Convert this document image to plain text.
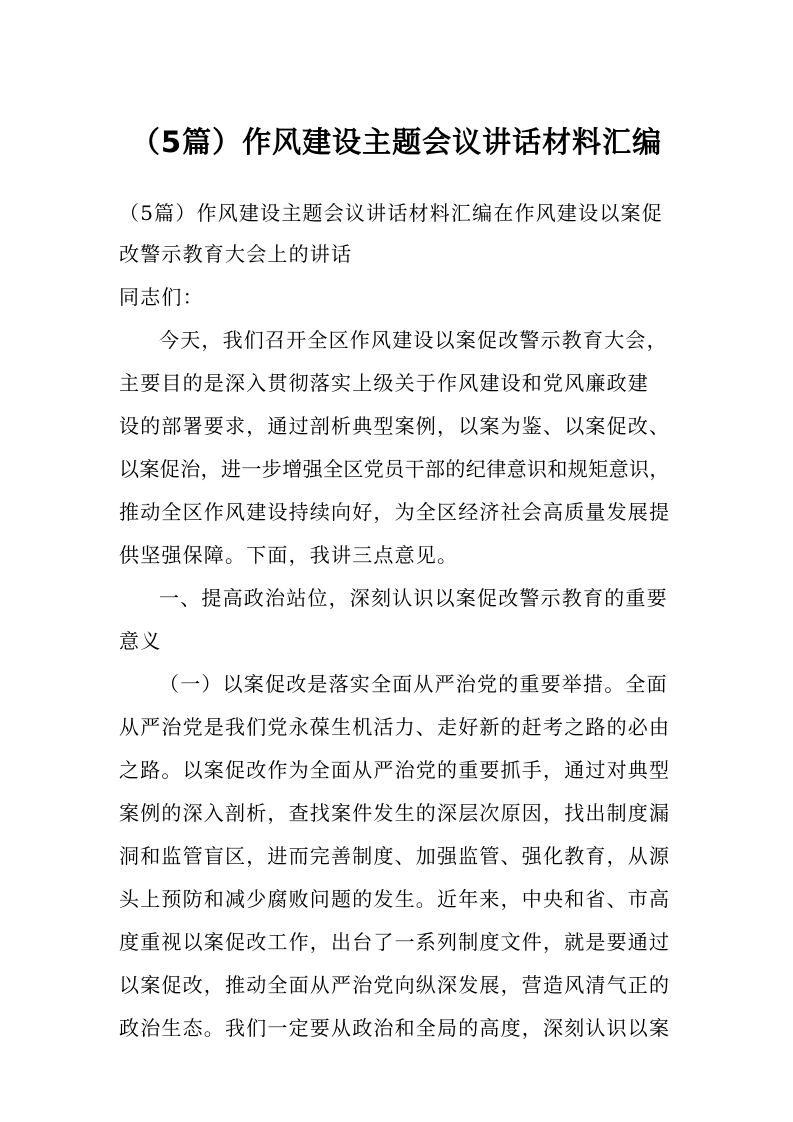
（5篇）作风建设主题会议讲话材料汇编
（5篇）作风建设主题会议讲话材料汇编在作风建设以案促
改警示教育大会上的讲话
同志们：
今天，我们召开全区作风建设以案促改警示教育大会，
主要目的是深入贯彻落实上级关于作风建设和党风廉政建
设的部署要求，通过剖析典型案例，以案为鉴、以案促改、
以案促治，进一步增强全区党员干部的纪律意识和规矩意识，
推动全区作风建设持续向好，为全区经济社会高质量发展提
供坚强保障。下面，我讲三点意见。
一、提高政治站位，深刻认识以案促改警示教育的重要
意义
（一）以案促改是落实全面从严治党的重要举措。全面
从严治党是我们党永葆生机活力、走好新的赶考之路的必由
之路。以案促改作为全面从严治党的重要抓手，通过对典型
案例的深入剖析，查找案件发生的深层次原因，找出制度漏
洞和监管盲区，进而完善制度、加强监管、强化教育，从源
头上预防和减少腐败问题的发生。近年来，中央和省、市高
度重视以案促改工作，出台了一系列制度文件，就是要通过
以案促改，推动全面从严治党向纵深发展，营造风清气正的
政治生态。我们一定要从政治和全局的高度，深刻认识以案
